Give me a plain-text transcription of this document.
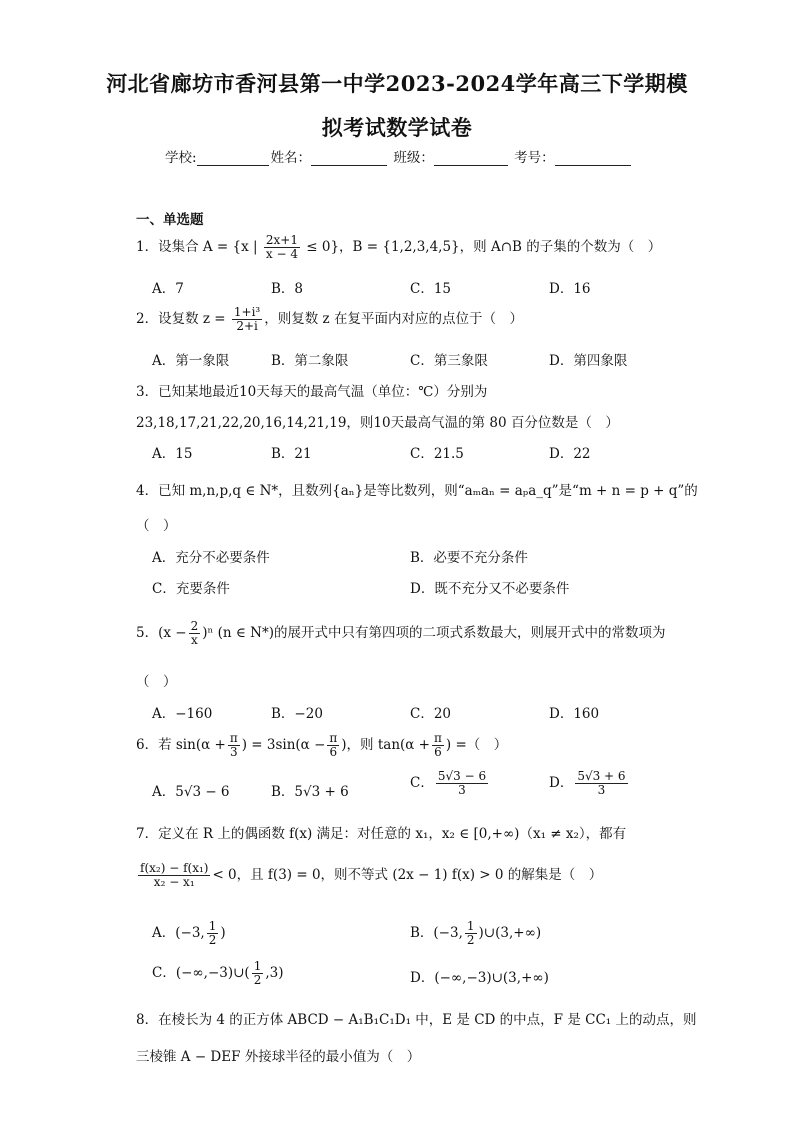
河北省廊坊市香河县第一中学2023-2024学年高三下学期模
拟考试数学试卷
学校:	姓名：	班级：	考号：
一、单选题
1．设集合 A = {x | $\frac{2x+1}{x - 4} \le 0$}，B = {1,2,3,4,5}，则 A∩B 的子集的个数为（　）
A．7	B．8	C．15	D．16
2．设复数 $z = \frac{\text{1+i³}}{2+i}$ ，则复数 z 在复平面内对应的点位于（　）
A．第一象限	B．第二象限	C．第三象限	D．第四象限
3．已知某地最近10天每天的最高气温（单位：℃）分别为
23,18,17,21,22,20,16,14,21,19，则10天最高气温的第 80 百分位数是（　）
A．15	B．21	C．21.5	D．22
4．已知 m,n,p,q ∈ N*，且数列{aₙ}是等比数列，则“aₘaₙ = aₚa_q”是“m + n = p + q”的
（　）
A．充分不必要条件	B．必要不充分条件
C．充要条件	D．既不充分又不必要条件
5．$(x - \frac{2}{x} )^n$ (n ∈ N*)的展开式中只有第四项的二项式系数最大，则展开式中的常数项为
（　）
A．−160	B．−20	C．20	D．160
6．若 $\sin(\alpha + \frac{\pi}{3}$ ) = $3\sin(\alpha - \frac{\pi}{6}$ )，则 $\tan(\alpha + \frac{\pi}{6}$ ) =（　）
A．5√3 − 6	B．5√3 + 6
C． $\frac{5√3 - 6}{3}$	D． $\frac{5√3 + 6}{3}$
7．定义在 R 上的偶函数 f(x) 满足：对任意的 x₁，x₂ ∈ [0,+∞)（x₁ ≠ x₂），都有
$\frac{\text{f(x₂) − f(x₁)}}{\text{x₂ − x₁}} < 0$，且 f(3) = 0，则不等式 (2x − 1) f(x) > 0 的解集是（　）
A．(−3, $\frac{1}{2}$ )	B．(−3, $\frac{1}{2}$ )∪(3,+∞)
C．(−∞,−3)∪( $\frac{1}{2} ,3$)	D．(−∞,−3)∪(3,+∞)
8．在棱长为 4 的正方体 ABCD − A₁B₁C₁D₁ 中，E 是 CD 的中点，F 是 CC₁ 上的动点，则
三棱锥 A − DEF 外接球半径的最小值为（　）
